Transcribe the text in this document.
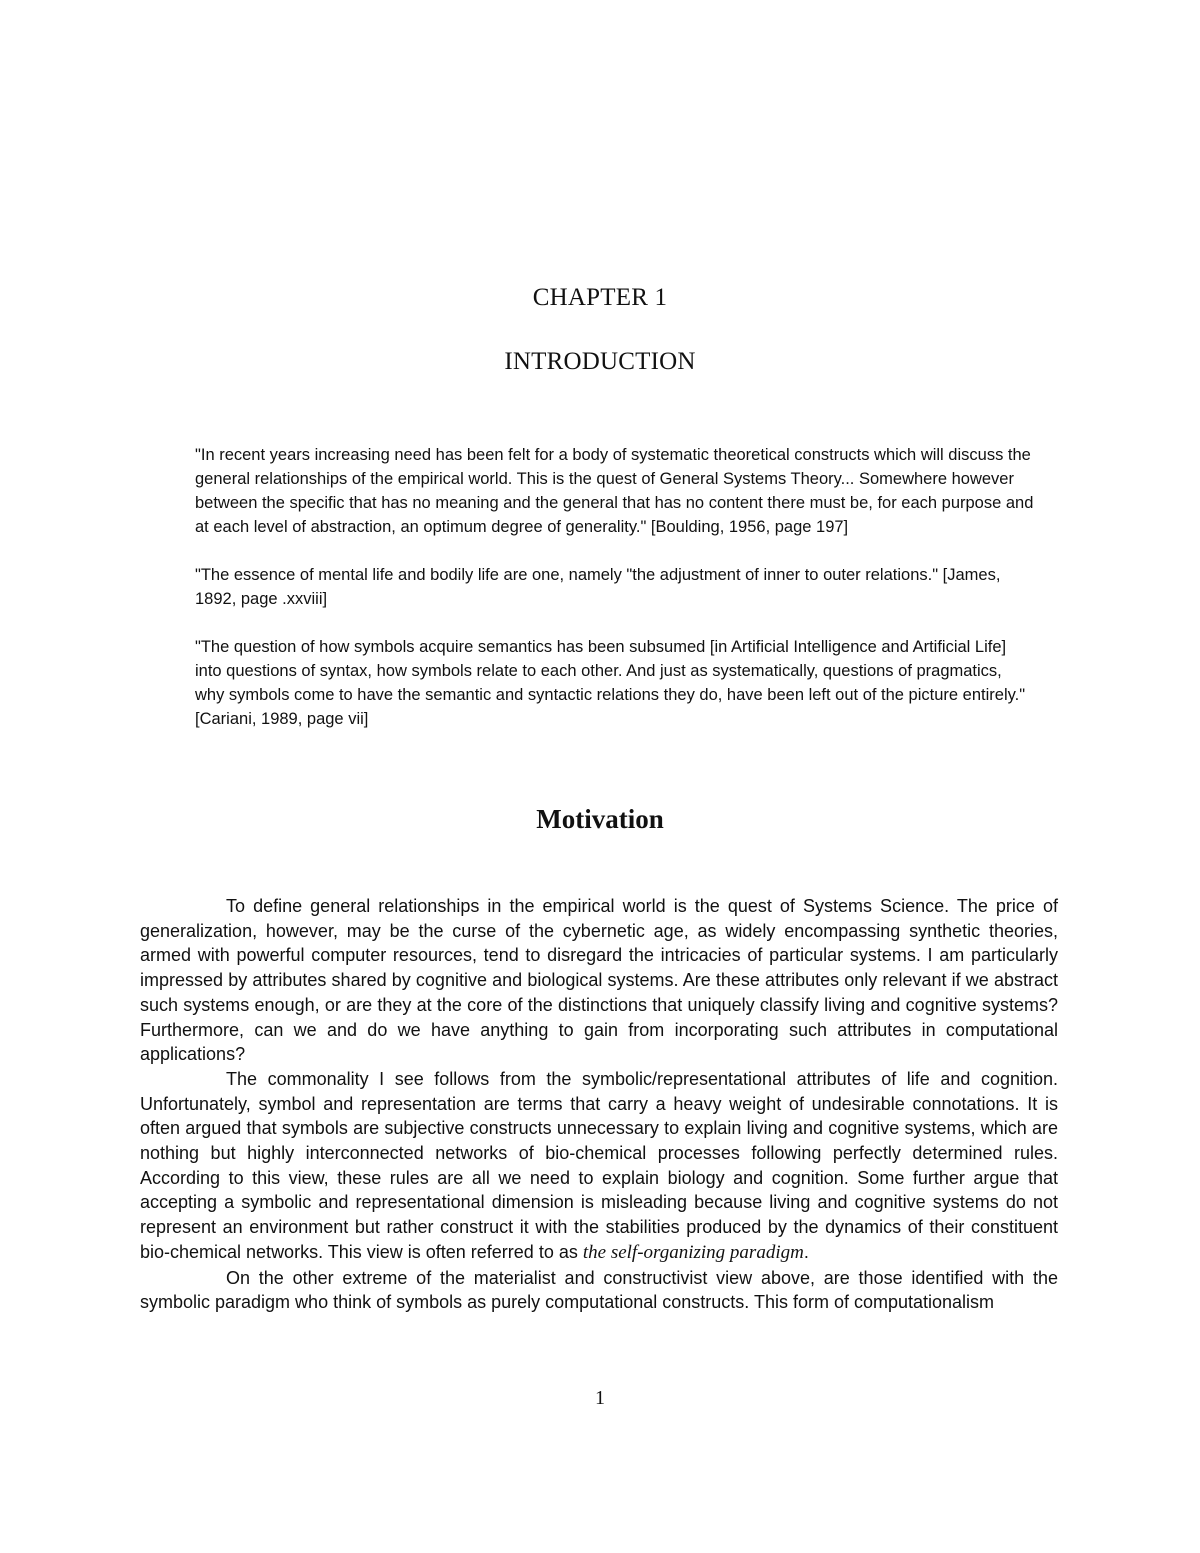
CHAPTER 1
INTRODUCTION

"In recent years increasing need has been felt for a body of systematic theoretical constructs which will discuss the general relationships of the empirical world. This is the quest of General Systems Theory... Somewhere however between the specific that has no meaning and the general that has no content there must be, for each purpose and at each level of abstraction, an optimum degree of generality." [Boulding, 1956, page 197]

"The essence of mental life and bodily life are one, namely "the adjustment of inner to outer relations." [James, 1892, page .xxviii]

"The question of how symbols acquire semantics has been subsumed [in Artificial Intelligence and Artificial Life] into questions of syntax, how symbols relate to each other. And just as systematically, questions of pragmatics, why symbols come to have the semantic and syntactic relations they do, have been left out of the picture entirely." [Cariani, 1989, page vii]

Motivation

To define general relationships in the empirical world is the quest of Systems Science. The price of generalization, however, may be the curse of the cybernetic age, as widely encompassing synthetic theories, armed with powerful computer resources, tend to disregard the intricacies of particular systems. I am particularly impressed by attributes shared by cognitive and biological systems. Are these attributes only relevant if we abstract such systems enough, or are they at the core of the distinctions that uniquely classify living and cognitive systems? Furthermore, can we and do we have anything to gain from incorporating such attributes in computational applications?

The commonality I see follows from the symbolic/representational attributes of life and cognition. Unfortunately, symbol and representation are terms that carry a heavy weight of undesirable connotations. It is often argued that symbols are subjective constructs unnecessary to explain living and cognitive systems, which are nothing but highly interconnected networks of bio-chemical processes following perfectly determined rules. According to this view, these rules are all we need to explain biology and cognition. Some further argue that accepting a symbolic and representational dimension is misleading because living and cognitive systems do not represent an environment but rather construct it with the stabilities produced by the dynamics of their constituent bio-chemical networks. This view is often referred to as the self-organizing paradigm.

On the other extreme of the materialist and constructivist view above, are those identified with the symbolic paradigm who think of symbols as purely computational constructs. This form of computationalism

1
